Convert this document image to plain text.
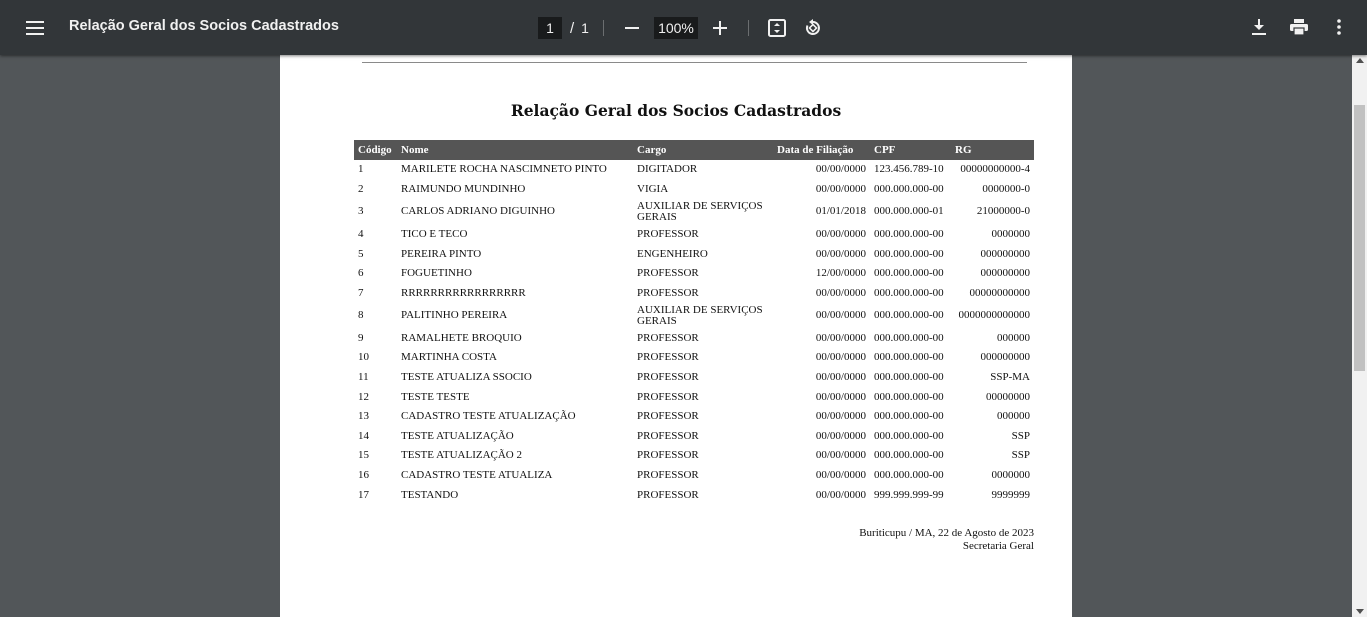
Relação Geral dos Socios Cadastrados
1	/ 1
100%
Relação Geral dos Socios Cadastrados
Código	Nome	Cargo	Data de Filiação	CPF	RG
1	MARILETE ROCHA NASCIMNETO PINTO	DIGITADOR	00/00/0000	123.456.789-10	00000000000-4
2	RAIMUNDO MUNDINHO	VIGIA	00/00/0000	000.000.000-00	0000000-0
3	CARLOS ADRIANO DIGUINHO	AUXILIAR DE SERVIÇOS GERAIS	01/01/2018	000.000.000-01	21000000-0
4	TICO E TECO	PROFESSOR	00/00/0000	000.000.000-00	0000000
5	PEREIRA PINTO	ENGENHEIRO	00/00/0000	000.000.000-00	000000000
6	FOGUETINHO	PROFESSOR	12/00/0000	000.000.000-00	000000000
7	RRRRRRRRRRRRRRRRR	PROFESSOR	00/00/0000	000.000.000-00	00000000000
8	PALITINHO PEREIRA	AUXILIAR DE SERVIÇOS GERAIS	00/00/0000	000.000.000-00	0000000000000
9	RAMALHETE BROQUIO	PROFESSOR	00/00/0000	000.000.000-00	000000
10	MARTINHA COSTA	PROFESSOR	00/00/0000	000.000.000-00	000000000
11	TESTE ATUALIZA SSOCIO	PROFESSOR	00/00/0000	000.000.000-00	SSP-MA
12	TESTE TESTE	PROFESSOR	00/00/0000	000.000.000-00	00000000
13	CADASTRO TESTE ATUALIZAÇÃO	PROFESSOR	00/00/0000	000.000.000-00	000000
14	TESTE ATUALIZAÇÃO	PROFESSOR	00/00/0000	000.000.000-00	SSP
15	TESTE ATUALIZAÇÃO 2	PROFESSOR	00/00/0000	000.000.000-00	SSP
16	CADASTRO TESTE ATUALIZA	PROFESSOR	00/00/0000	000.000.000-00	0000000
17	TESTANDO	PROFESSOR	00/00/0000	999.999.999-99	9999999
Buriticupu / MA, 22 de Agosto de 2023
Secretaria Geral
